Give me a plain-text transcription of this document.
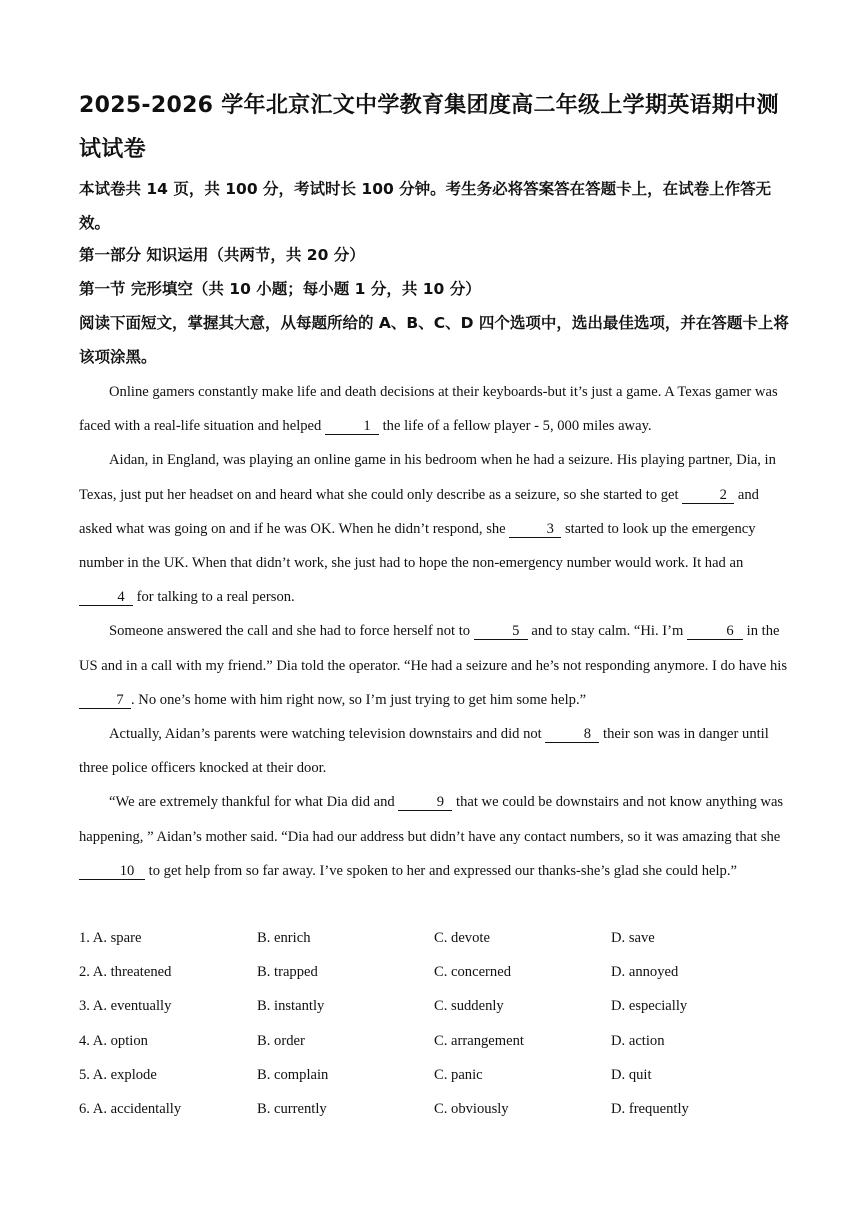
2025-2026 学年北京汇文中学教育集团度高二年级上学期英语期中测试试卷

本试卷共 14 页，共 100 分，考试时长 100 分钟。考生务必将答案答在答题卡上，在试卷上作答无效。

第一部分 知识运用（共两节，共 20 分）

第一节 完形填空（共 10 小题；每小题 1 分，共 10 分）

阅读下面短文，掌握其大意，从每题所给的 A、B、C、D 四个选项中，选出最佳选项，并在答题卡上将该项涂黑。

Online gamers constantly make life and death decisions at their keyboards-but it’s just a game. A Texas gamer was faced with a real-life situation and helped	1 the life of a fellow player - 5, 000 miles away.

Aidan, in England, was playing an online game in his bedroom when he had a seizure. His playing partner, Dia, in Texas, just put her headset on and heard what she could only describe as a seizure, so she started to get	2 and asked what was going on and if he was OK. When he didn’t respond, she	3 started to look up the emergency number in the UK. When that didn’t work, she just had to hope the non-emergency number would work. It had an 4 for talking to a real person.

Someone answered the call and she had to force herself not to	5 and to stay calm. “Hi. I’m	6 in the US and in a call with my friend.” Dia told the operator. “He had a seizure and he’s not responding anymore. I do have his 7 . No one’s home with him right now, so I’m just trying to get him some help.”

Actually, Aidan’s parents were watching television downstairs and did not	8 their son was in danger until three police officers knocked at their door.

“We are extremely thankful for what Dia did and	9 that we could be downstairs and not know anything was happening, ” Aidan’s mother said. “Dia had our address but didn’t have any contact numbers, so it was amazing that she 10 to get help from so far away. I’ve spoken to her and expressed our thanks-she’s glad she could help.”

1. A. spare	B. enrich	C. devote	D. save
2. A. threatened	B. trapped	C. concerned	D. annoyed
3. A. eventually	B. instantly	C. suddenly	D. especially
4. A. option	B. order	C. arrangement	D. action
5. A. explode	B. complain	C. panic	D. quit
6. A. accidentally	B. currently	C. obviously	D. frequently
